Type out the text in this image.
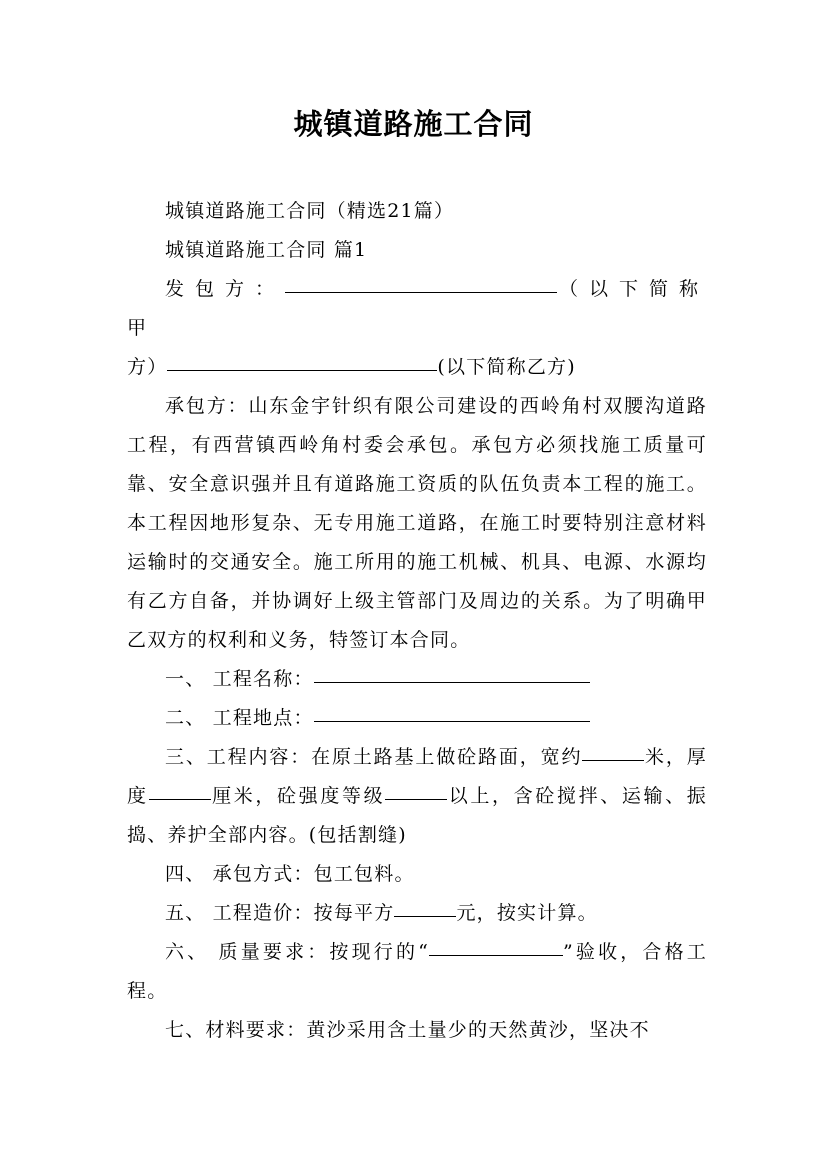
城镇道路施工合同

城镇道路施工合同（精选21篇）

城镇道路施工合同 篇1

发包方：	（以下简称甲

方）	(以下简称乙方)

承包方：山东金宇针织有限公司建设的西岭角村双腰沟道路工程，有西营镇西岭角村委会承包。承包方必须找施工质量可靠、安全意识强并且有道路施工资质的队伍负责本工程的施工。本工程因地形复杂、无专用施工道路，在施工时要特别注意材料运输时的交通安全。施工所用的施工机械、机具、电源、水源均有乙方自备，并协调好上级主管部门及周边的关系。为了明确甲乙双方的权利和义务，特签订本合同。

一、 工程名称：

二、 工程地点：

三、工程内容：在原土路基上做砼路面，宽约	米，厚度	厘米，砼强度等级	以上，含砼搅拌、运输、振捣、养护全部内容。(包括割缝)

四、 承包方式：包工包料。

五、 工程造价：按每平方	元，按实计算。

六、 质量要求：按现行的“	”验收，合格工程。

七、材料要求：黄沙采用含土量少的天然黄沙，坚决不
